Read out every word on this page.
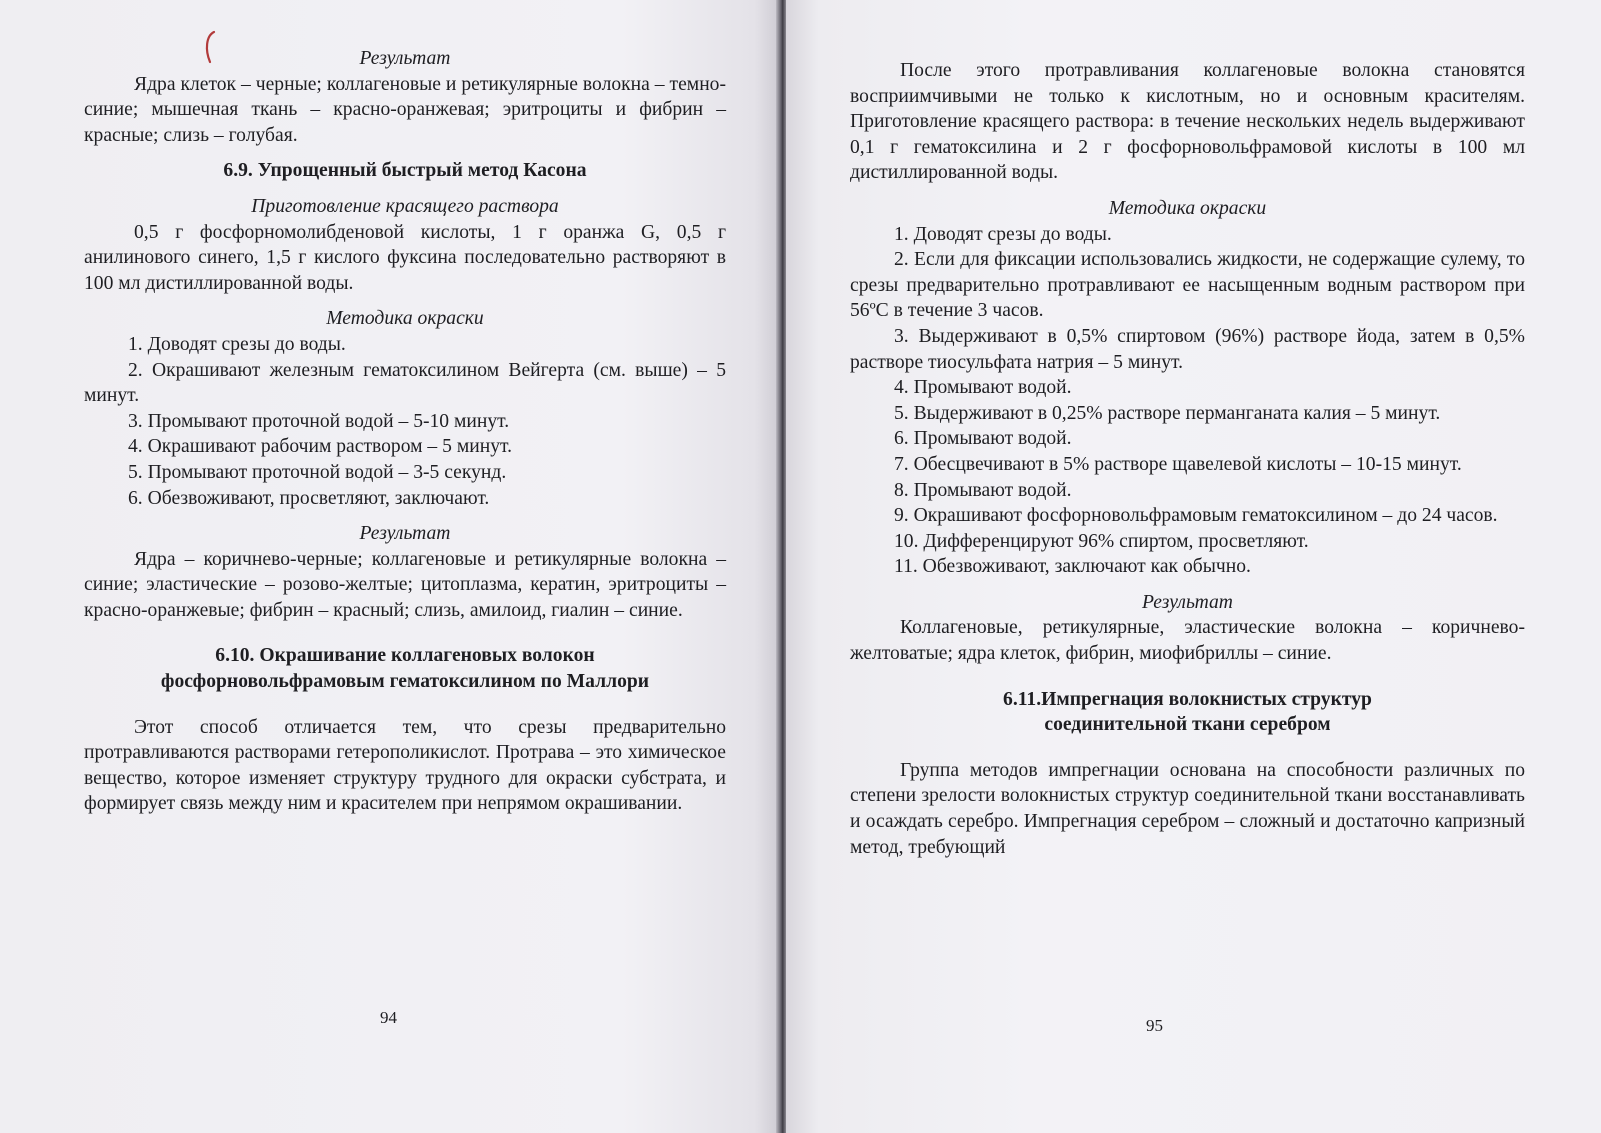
Результат

Ядра клеток – черные; коллагеновые и ретикулярные волокна – темно-синие; мышечная ткань – красно-оранжевая; эритроциты и фибрин – красные; слизь – голубая.

6.9. Упрощенный быстрый метод Касона

Приготовление красящего раствора

0,5 г фосфорномолибденовой кислоты, 1 г оранжа G, 0,5 г анилинового синего, 1,5 г кислого фуксина последовательно растворяют в 100 мл дистиллированной воды.

Методика окраски

1. Доводят срезы до воды.

2. Окрашивают железным гематоксилином Вейгерта (см. выше) – 5 минут.

3. Промывают проточной водой – 5-10 минут.

4. Окрашивают рабочим раствором – 5 минут.

5. Промывают проточной водой – 3-5 секунд.

6. Обезвоживают, просветляют, заключают.

Результат

Ядра – коричнево-черные; коллагеновые и ретикулярные волокна – синие; эластические – розово-желтые; цитоплазма, кератин, эритроциты – красно-оранжевые; фибрин – красный; слизь, амилоид, гиалин – синие.

6.10. Окрашивание коллагеновых волокон

фосфорновольфрамовым гематоксилином по Маллори

Этот способ отличается тем, что срезы предварительно протравливаются растворами гетерополикислот. Протрава – это химическое вещество, которое изменяет структуру трудного для окраски субстрата, и формирует связь между ним и красителем при непрямом окрашивании.

94

После этого протравливания коллагеновые волокна становятся восприимчивыми не только к кислотным, но и основным красителям. Приготовление красящего раствора: в течение нескольких недель выдерживают 0,1 г гематоксилина и 2 г фосфорновольфрамовой кислоты в 100 мл дистиллированной воды.

Методика окраски

1. Доводят срезы до воды.

2. Если для фиксации использовались жидкости, не содержащие сулему, то срезы предварительно протравливают ее насыщенным водным раствором при 56ºС в течение 3 часов.

3. Выдерживают в 0,5% спиртовом (96%) растворе йода, затем в 0,5% растворе тиосульфата натрия – 5 минут.

4. Промывают водой.

5. Выдерживают в 0,25% растворе перманганата калия – 5 минут.

6. Промывают водой.

7. Обесцвечивают в 5% растворе щавелевой кислоты – 10-15 минут.

8. Промывают водой.

9. Окрашивают фосфорновольфрамовым гематоксилином – до 24 часов.

10. Дифференцируют 96% спиртом, просветляют.

11. Обезвоживают, заключают как обычно.

Результат

Коллагеновые, ретикулярные, эластические волокна – коричнево-желтоватые; ядра клеток, фибрин, миофибриллы – синие.

6.11.Импрегнация волокнистых структур

соединительной ткани серебром

Группа методов импрегнации основана на способности различных по степени зрелости волокнистых структур соединительной ткани восстанавливать и осаждать серебро. Импрегнация серебром – сложный и достаточно капризный метод, требующий

95
